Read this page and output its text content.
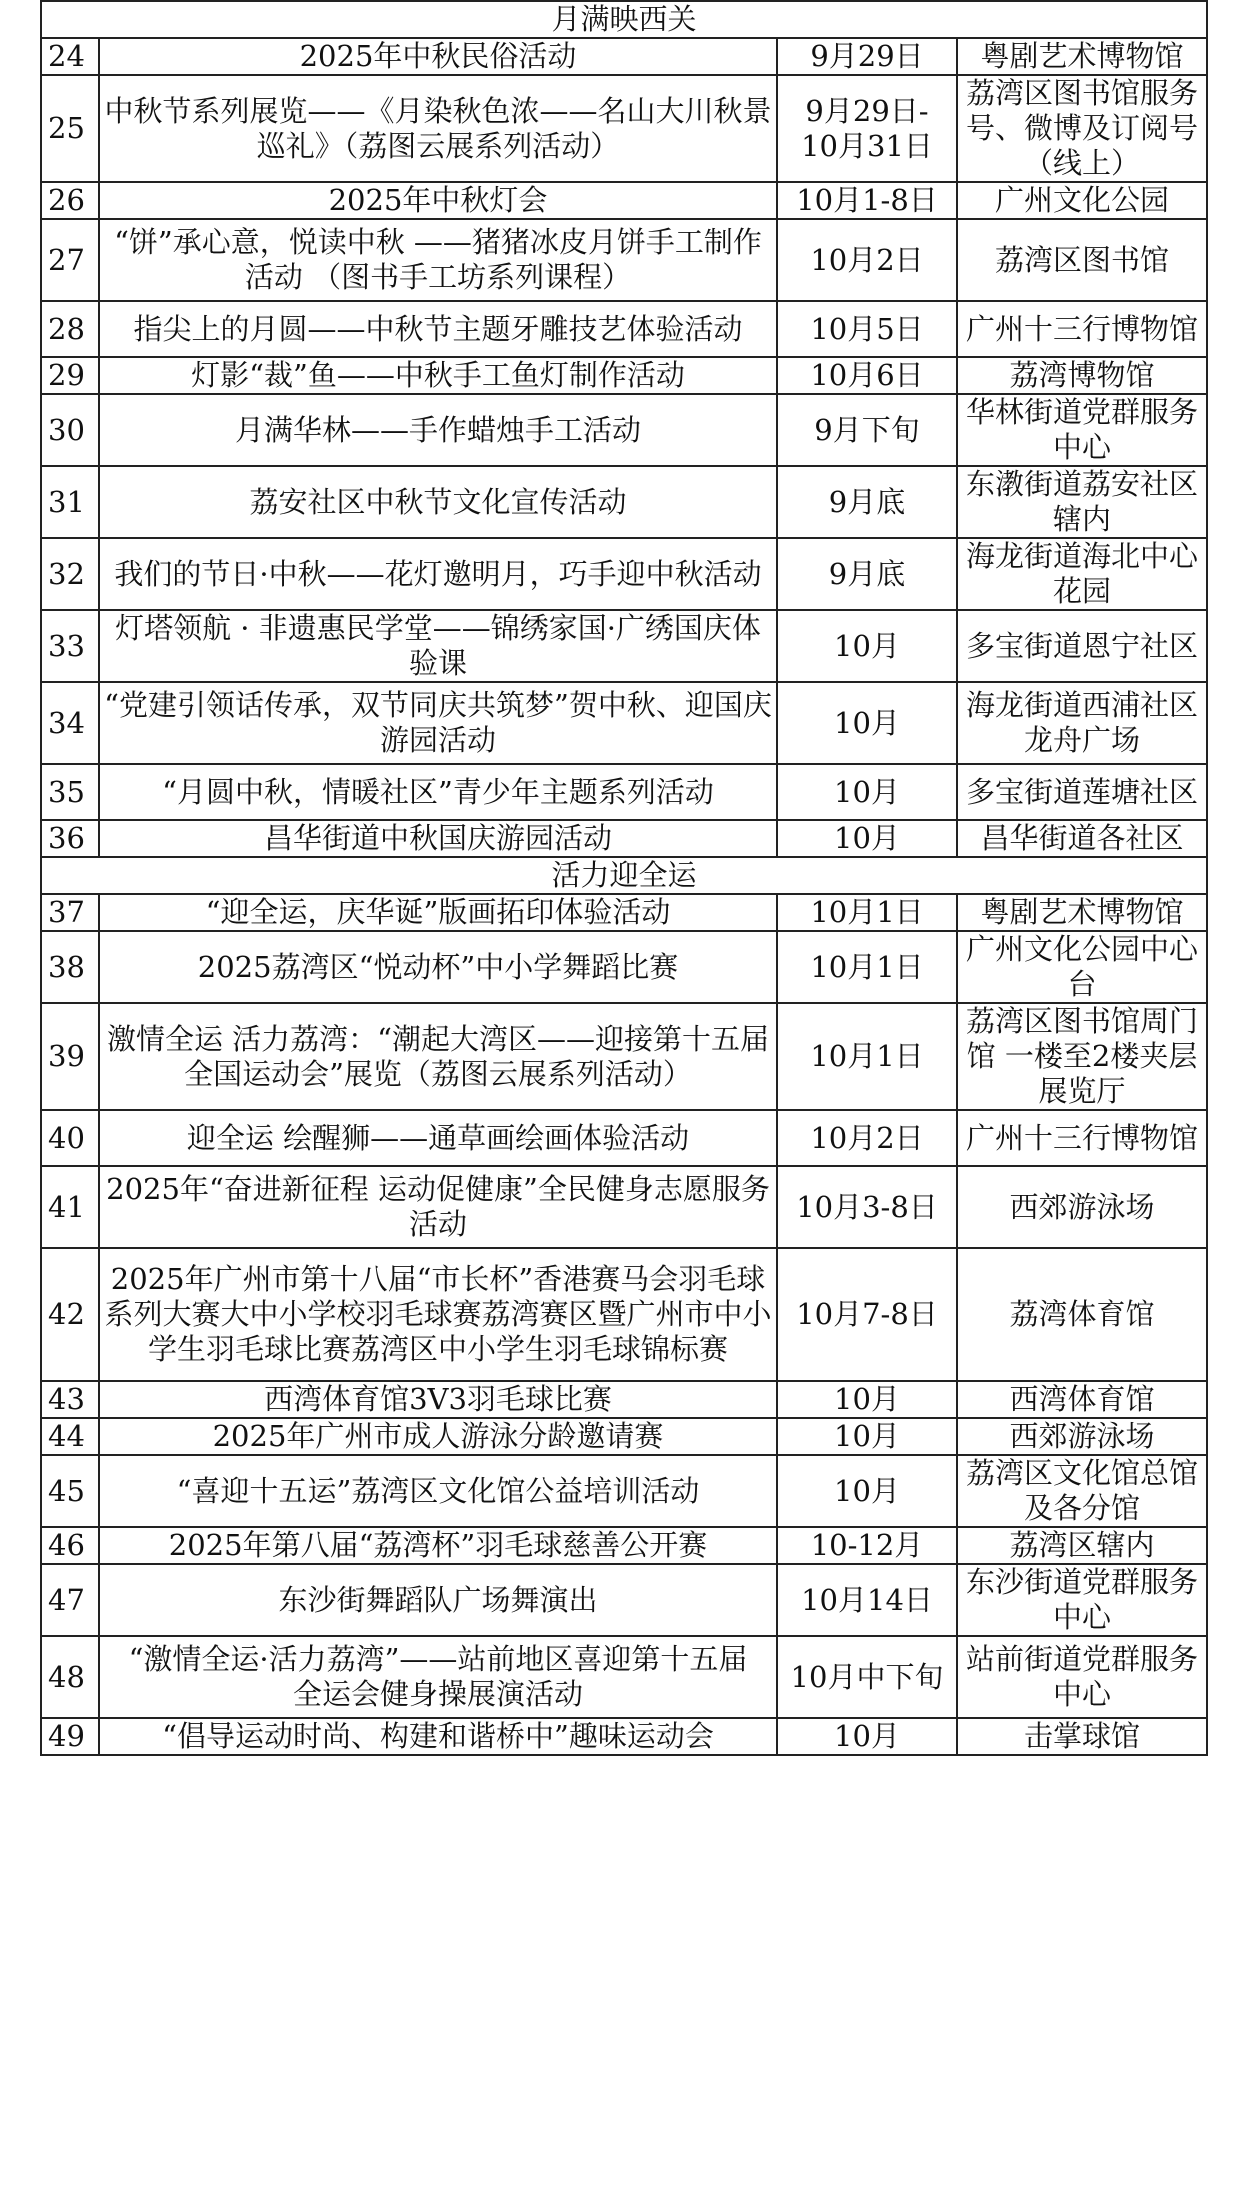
月满映西关			
24	2025年中秋民俗活动	9月29日	粤剧艺术博物馆
25	中秋节系列展览——《月染秋色浓——名山大川秋景
巡礼》（荔图云展系列活动）	9月29日-
10月31日	荔湾区图书馆服务号、微博及订阅号（线上）
26	2025年中秋灯会	10月1-8日	广州文化公园
27	“饼”承心意，悦读中秋 ——猪猪冰皮月饼手工制作
活动 （图书手工坊系列课程）	10月2日	荔湾区图书馆
28	指尖上的月圆——中秋节主题牙雕技艺体验活动	10月5日	广州十三行博物馆
29	灯影“裁”鱼——中秋手工鱼灯制作活动	10月6日	荔湾博物馆
30	月满华林——手作蜡烛手工活动	9月下旬	华林街道党群服务中心
31	荔安社区中秋节文化宣传活动	9月底	东漖街道荔安社区辖内
32	我们的节日·中秋——花灯邀明月，巧手迎中秋活动	9月底	海龙街道海北中心花园
33	灯塔领航 · 非遗惠民学堂——锦绣家国·广绣国庆体验课	10月	多宝街道恩宁社区
34	“党建引领话传承，双节同庆共筑梦”贺中秋、迎国庆
游园活动	10月	海龙街道西浦社区龙舟广场
35	“月圆中秋，情暖社区”青少年主题系列活动	10月	多宝街道莲塘社区
36	昌华街道中秋国庆游园活动	10月	昌华街道各社区
活力迎全运			
37	“迎全运，庆华诞”版画拓印体验活动	10月1日	粤剧艺术博物馆
38	2025荔湾区“悦动杯”中小学舞蹈比赛	10月1日	广州文化公园中心台
39	激情全运 活力荔湾：“潮起大湾区——迎接第十五届
全国运动会”展览（荔图云展系列活动）	10月1日	荔湾区图书馆周门馆 一楼至2楼夹层展览厅
40	迎全运 绘醒狮——通草画绘画体验活动	10月2日	广州十三行博物馆
41	2025年“奋进新征程 运动促健康”全民健身志愿服务
活动	10月3-8日	西郊游泳场
42	2025年广州市第十八届“市长杯”香港赛马会羽毛球
系列大赛大中小学校羽毛球赛荔湾赛区暨广州市中小
学生羽毛球比赛荔湾区中小学生羽毛球锦标赛	10月7-8日	荔湾体育馆
43	西湾体育馆3V3羽毛球比赛	10月	西湾体育馆
44	2025年广州市成人游泳分龄邀请赛	10月	西郊游泳场
45	“喜迎十五运”荔湾区文化馆公益培训活动	10月	荔湾区文化馆总馆及各分馆
46	2025年第八届“荔湾杯”羽毛球慈善公开赛	10-12月	荔湾区辖内
47	东沙街舞蹈队广场舞演出	10月14日	东沙街道党群服务中心
48	“激情全运·活力荔湾”——站前地区喜迎第十五届
全运会健身操展演活动	10月中下旬	站前街道党群服务中心
49	“倡导运动时尚、构建和谐桥中”趣味运动会	10月	击掌球馆
